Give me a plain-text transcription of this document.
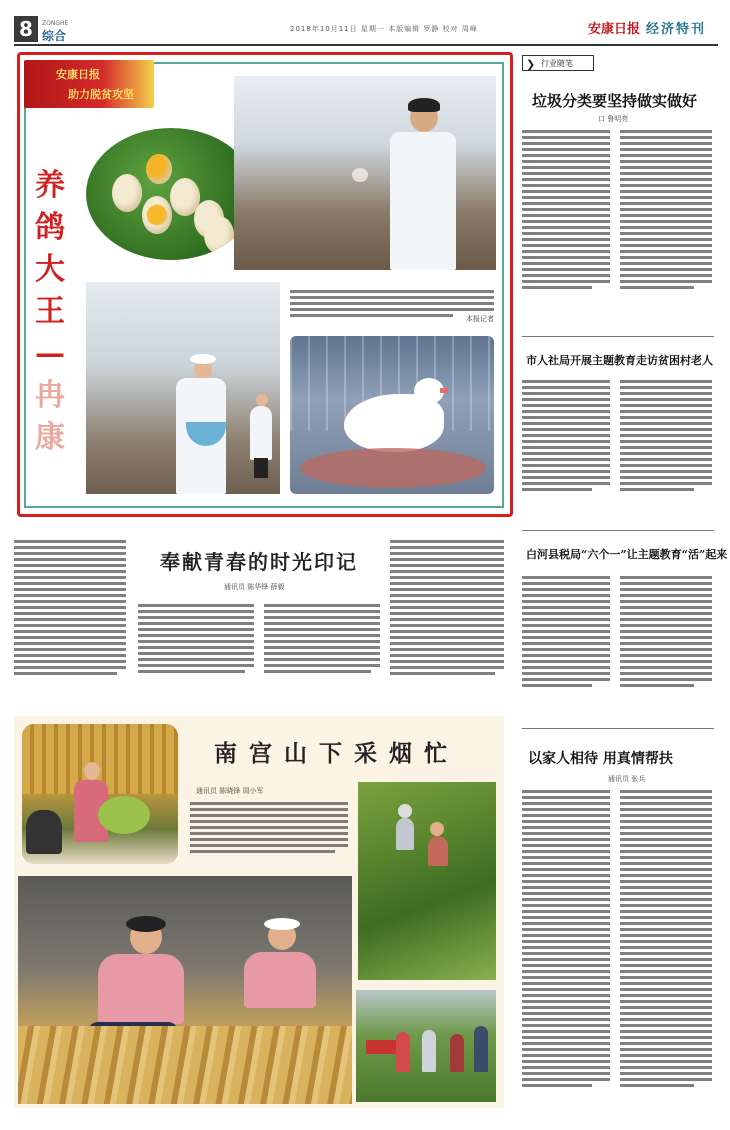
8	ZONGHE
综合	2018年10月11日 星期一 本版编辑 罗静 校对 周峰	安康日报 经济特刊
安康日报
助力脱贫攻坚
养
鸽
大
王
—
冉
康
本报记者
❯ 行业随笔
垃圾分类要坚持做实做好
口 鲁明亮
市人社局开展主题教育走访贫困村老人
白河县税局“六个一”让主题教育“活”起来
以家人相待 用真情帮扶
通讯员 张兵
奉献青春的时光印记
通讯员 陈华锋 薛毅
南宫山下采烟忙
通讯员 陈晓锋 周小军
